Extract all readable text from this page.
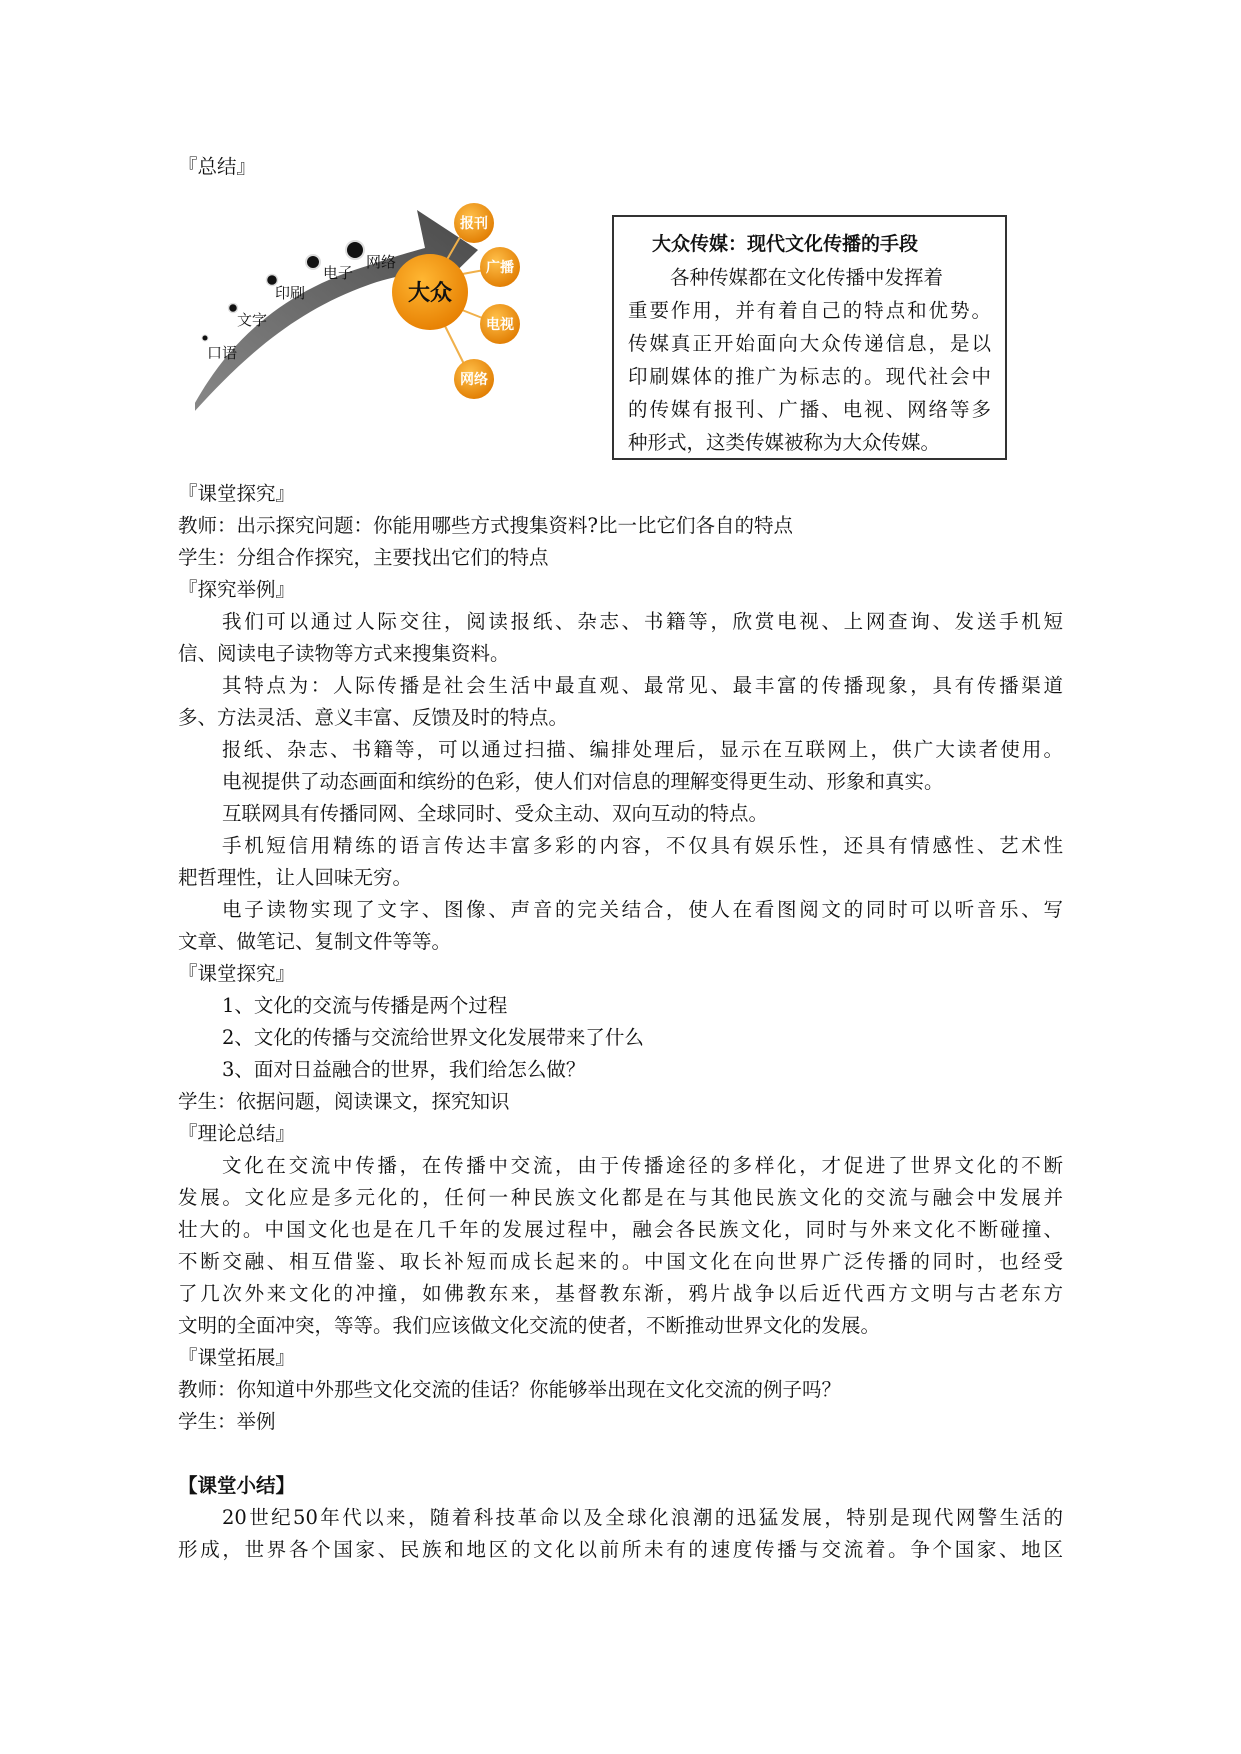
『总结』
口语
文字
印刷
电子
网络
大众
报刊
广播
电视
网络
大众传媒：现代文化传播的手段
各种传媒都在文化传播中发挥着
重要作用，并有着自己的特点和优势。
传媒真正开始面向大众传递信息，是以
印刷媒体的推广为标志的。现代社会中
的传媒有报刊、广播、电视、网络等多
种形式，这类传媒被称为大众传媒。
『课堂探究』
教师：出示探究问题：你能用哪些方式搜集资料?比一比它们各自的特点
学生：分组合作探究，主要找出它们的特点
『探究举例』
我们可以通过人际交往，阅读报纸、杂志、书籍等，欣赏电视、上网查询、发送手机短
信、阅读电子读物等方式来搜集资料。
其特点为：人际传播是社会生活中最直观、最常见、最丰富的传播现象，具有传播渠道
多、方法灵活、意义丰富、反馈及时的特点。
报纸、杂志、书籍等，可以通过扫描、编排处理后，显示在互联网上，供广大读者使用。
电视提供了动态画面和缤纷的色彩，使人们对信息的理解变得更生动、形象和真实。
互联网具有传播同网、全球同时、受众主动、双向互动的特点。
手机短信用精练的语言传达丰富多彩的内容，不仅具有娱乐性，还具有情感性、艺术性
耙哲理性，让人回味无穷。
电子读物实现了文字、图像、声音的完关结合，使人在看图阅文的同时可以听音乐、写
文章、做笔记、复制文件等等。
『课堂探究』
1、文化的交流与传播是两个过程
2、文化的传播与交流给世界文化发展带来了什么
3、面对日益融合的世界，我们给怎么做？
学生：依据问题，阅读课文，探究知识
『理论总结』
文化在交流中传播，在传播中交流，由于传播途径的多样化，才促进了世界文化的不断
发展。文化应是多元化的，任何一种民族文化都是在与其他民族文化的交流与融会中发展并
壮大的。中国文化也是在几千年的发展过程中，融会各民族文化，同时与外来文化不断碰撞、
不断交融、相互借鉴、取长补短而成长起来的。中国文化在向世界广泛传播的同时，也经受
了几次外来文化的冲撞，如佛教东来，基督教东渐，鸦片战争以后近代西方文明与古老东方
文明的全面冲突，等等。我们应该做文化交流的使者，不断推动世界文化的发展。
『课堂拓展』
教师：你知道中外那些文化交流的佳话？你能够举出现在文化交流的例子吗？
学生：举例
【课堂小结】
20世纪50年代以来，随着科技革命以及全球化浪潮的迅猛发展，特别是现代网警生活的
形成，世界各个国家、民族和地区的文化以前所未有的速度传播与交流着。争个国家、地区
